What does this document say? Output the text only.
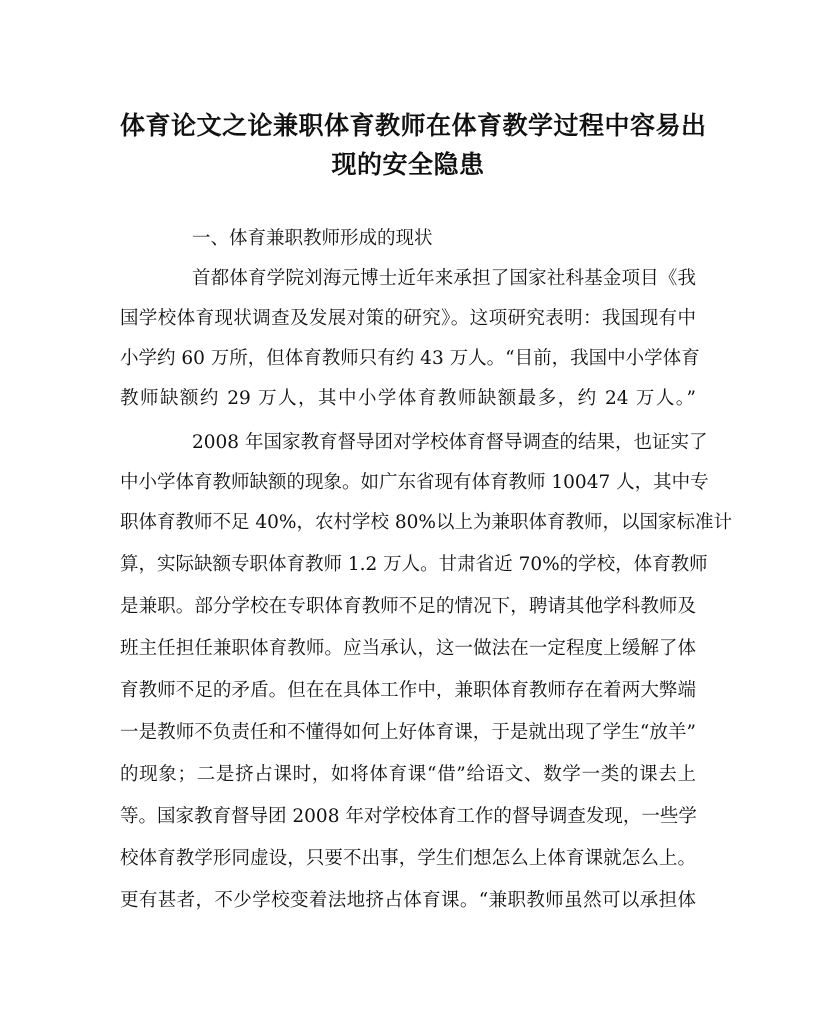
体育论文之论兼职体育教师在体育教学过程中容易出
现的安全隐患
一、体育兼职教师形成的现状
首都体育学院刘海元博士近年来承担了国家社科基金项目《我
国学校体育现状调查及发展对策的研究》。这项研究表明：我国现有中
小学约 60 万所，但体育教师只有约 43 万人。“目前，我国中小学体育
教师缺额约 29 万人，其中小学体育教师缺额最多，约 24 万人。”
2008 年国家教育督导团对学校体育督导调查的结果，也证实了
中小学体育教师缺额的现象。如广东省现有体育教师 10047 人，其中专
职体育教师不足 40%，农村学校 80%以上为兼职体育教师，以国家标准计
算，实际缺额专职体育教师 1.2 万人。甘肃省近 70%的学校，体育教师
是兼职。部分学校在专职体育教师不足的情况下，聘请其他学科教师及
班主任担任兼职体育教师。应当承认，这一做法在一定程度上缓解了体
育教师不足的矛盾。但在在具体工作中，兼职体育教师存在着两大弊端
一是教师不负责任和不懂得如何上好体育课，于是就出现了学生“放羊”
的现象；二是挤占课时，如将体育课“借”给语文、数学一类的课去上
等。国家教育督导团 2008 年对学校体育工作的督导调查发现，一些学
校体育教学形同虚设，只要不出事，学生们想怎么上体育课就怎么上。
更有甚者，不少学校变着法地挤占体育课。“兼职教师虽然可以承担体
